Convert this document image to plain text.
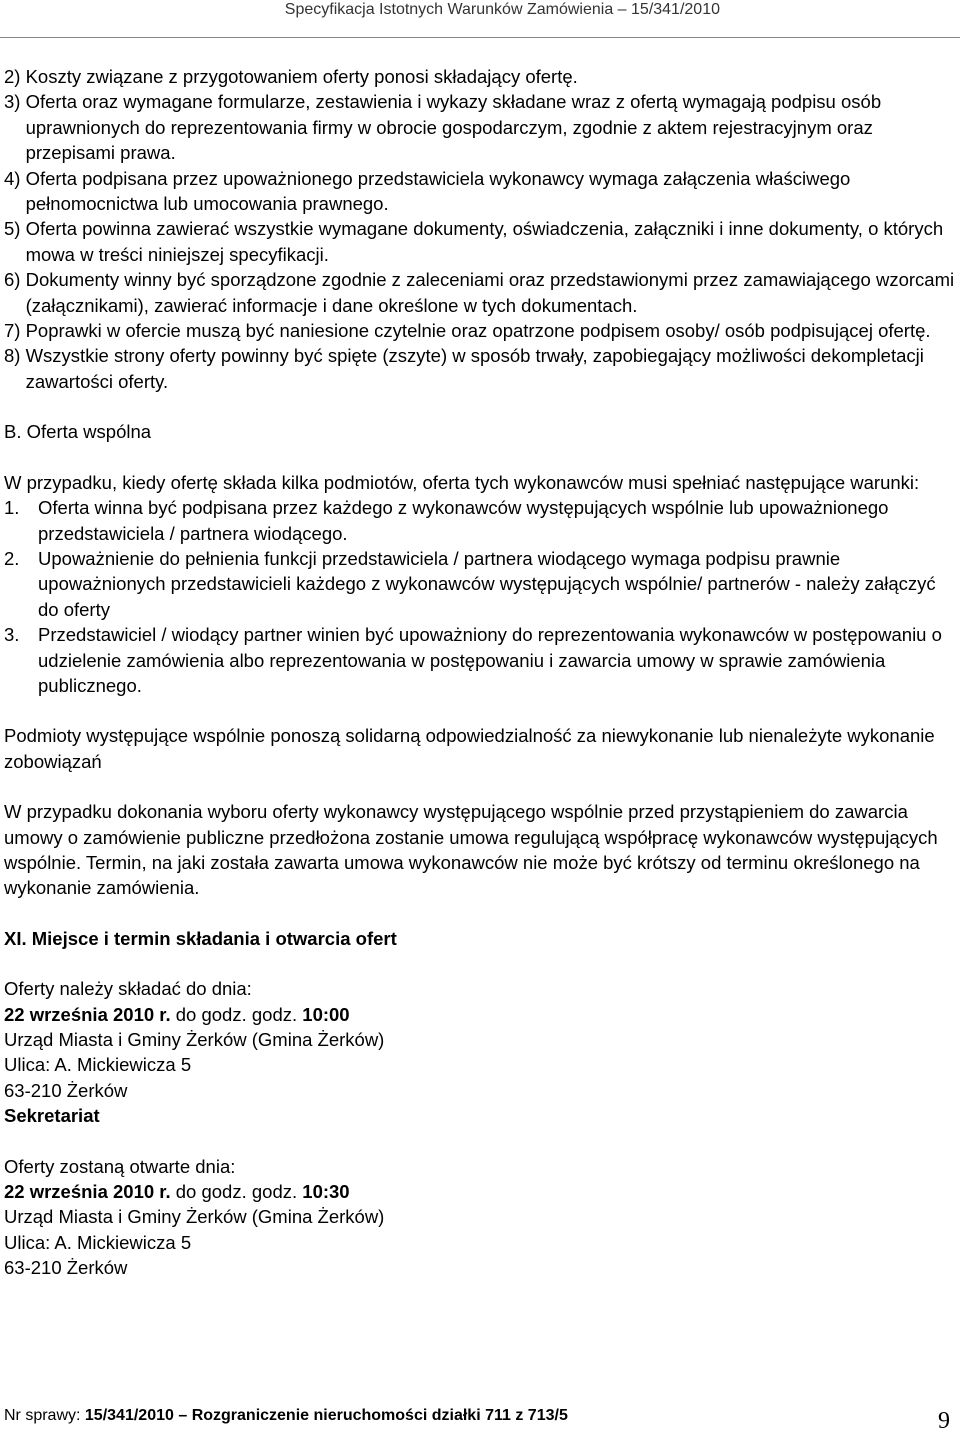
Specyfikacja Istotnych Warunków Zamówienia – 15/341/2010
2) Koszty związane z przygotowaniem oferty ponosi składający ofertę.
3) Oferta oraz wymagane formularze, zestawienia i wykazy składane wraz z ofertą wymagają podpisu osób uprawnionych do reprezentowania firmy w obrocie gospodarczym, zgodnie z aktem rejestracyjnym oraz przepisami prawa.
4) Oferta podpisana przez upoważnionego przedstawiciela wykonawcy wymaga załączenia właściwego pełnomocnictwa lub umocowania prawnego.
5) Oferta powinna zawierać wszystkie wymagane dokumenty, oświadczenia, załączniki i inne dokumenty, o których mowa w treści niniejszej specyfikacji.
6) Dokumenty winny być sporządzone zgodnie z zaleceniami oraz przedstawionymi przez zamawiającego wzorcami (załącznikami), zawierać informacje i dane określone w tych dokumentach.
7) Poprawki w ofercie muszą być naniesione czytelnie oraz opatrzone podpisem osoby/ osób podpisującej ofertę.
8) Wszystkie strony oferty powinny być spięte (zszyte) w sposób trwały, zapobiegający możliwości dekompletacji zawartości oferty.

B. Oferta wspólna

W przypadku, kiedy ofertę składa kilka podmiotów, oferta tych wykonawców musi spełniać następujące warunki:

1.	Oferta winna być podpisana przez każdego z wykonawców występujących wspólnie lub upoważnionego przedstawiciela / partnera wiodącego.
2.	Upoważnienie do pełnienia funkcji przedstawiciela / partnera wiodącego wymaga podpisu prawnie upoważnionych przedstawicieli każdego z wykonawców występujących wspólnie/ partnerów - należy załączyć do oferty
3.	Przedstawiciel / wiodący partner winien być upoważniony do reprezentowania wykonawców w postępowaniu o udzielenie zamówienia albo reprezentowania w postępowaniu i zawarcia umowy w sprawie zamówienia publicznego.

Podmioty występujące wspólnie ponoszą solidarną odpowiedzialność za niewykonanie lub nienależyte wykonanie zobowiązań

W przypadku dokonania wyboru oferty wykonawcy występującego wspólnie przed przystąpieniem do zawarcia umowy o zamówienie publiczne przedłożona zostanie umowa regulującą współpracę wykonawców występujących wspólnie. Termin, na jaki została zawarta umowa wykonawców nie może być krótszy od terminu określonego na wykonanie zamówienia.

XI. Miejsce i termin składania i otwarcia ofert

Oferty należy składać do dnia:

22 września 2010 r. do godz. godz. 10:00

Urząd Miasta i Gminy Żerków (Gmina Żerków)

Ulica: A. Mickiewicza 5

63-210 Żerków

Sekretariat

Oferty zostaną otwarte dnia:

22 września 2010 r. do godz. godz. 10:30

Urząd Miasta i Gminy Żerków (Gmina Żerków)

Ulica: A. Mickiewicza 5

63-210 Żerków

Nr sprawy: 15/341/2010 – Rozgraniczenie nieruchomości działki 711 z 713/5	9
